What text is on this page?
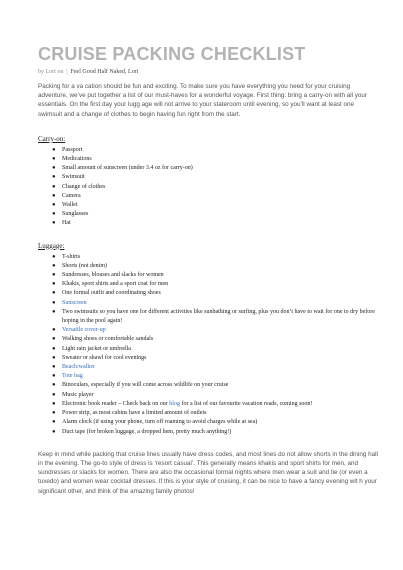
CRUISE PACKING CHECKLIST
by Lori on  |  Feel Good Half Naked, Lori

Packing for a va cation should be fun and exciting. To make sure you have everything you need for your cruising adventure, we’ve put together a list of our must-haves for a wonderful voyage. First thing: bring a carry-on with all your essentials. On the first day your lugg age will not arrive to your stateroom until evening, so you’ll want at least one swimsuit and a change of clothes to begin having fun right from the start.

Carry-on:
● Passport
● Medications
● Small amount of sunscreen (under 3.4 oz for carry-on)
● Swimsuit
● Change of clothes
● Camera
● Wallet
● Sunglasses
● Hat
Luggage:
● T-shirts
● Shorts (not denim)
● Sundresses, blouses and slacks for women
● Khakis, sport shirts and a sport coat for men
● One formal outfit and coordinating shoes
● Sunscreen
● Two swimsuits so you have one for different activities like sunbathing or surfing, plus you don’t have to wait for one to dry before hoping in the pool again!
● Versatile cover-up
● Walking shoes or comfortable sandals
● Light rain jacket or umbrella
● Sweater or shawl for cool evenings
● Beach/walker
● Tote bag
● Binoculars, especially if you will come across wildlife on your cruise
● Music player
● Electronic book reader – Check back on our blog for a list of our favourite vacation reads, coming soon!
● Power strip, as most cabins have a limited amount of outlets
● Alarm clock (if using your phone, turn off roaming to avoid charges while at sea)
● Duct tape (for broken luggage, a dropped hem, pretty much anything!)

Keep in mind while packing that cruise lines usually have dress codes, and most lines do not allow shorts in the dining hall in the evening. The go-to style of dress is ‘resort casual’. This generally means khakis and sport shirts for men, and sundresses or slacks for women. There are also the occasional formal nights where men wear a suit and tie (or even a tuxedo) and women wear cocktail dresses. If this is your style of cruising, it can be nice to have a fancy evening wit h your significant other, and think of the amazing family photos!
